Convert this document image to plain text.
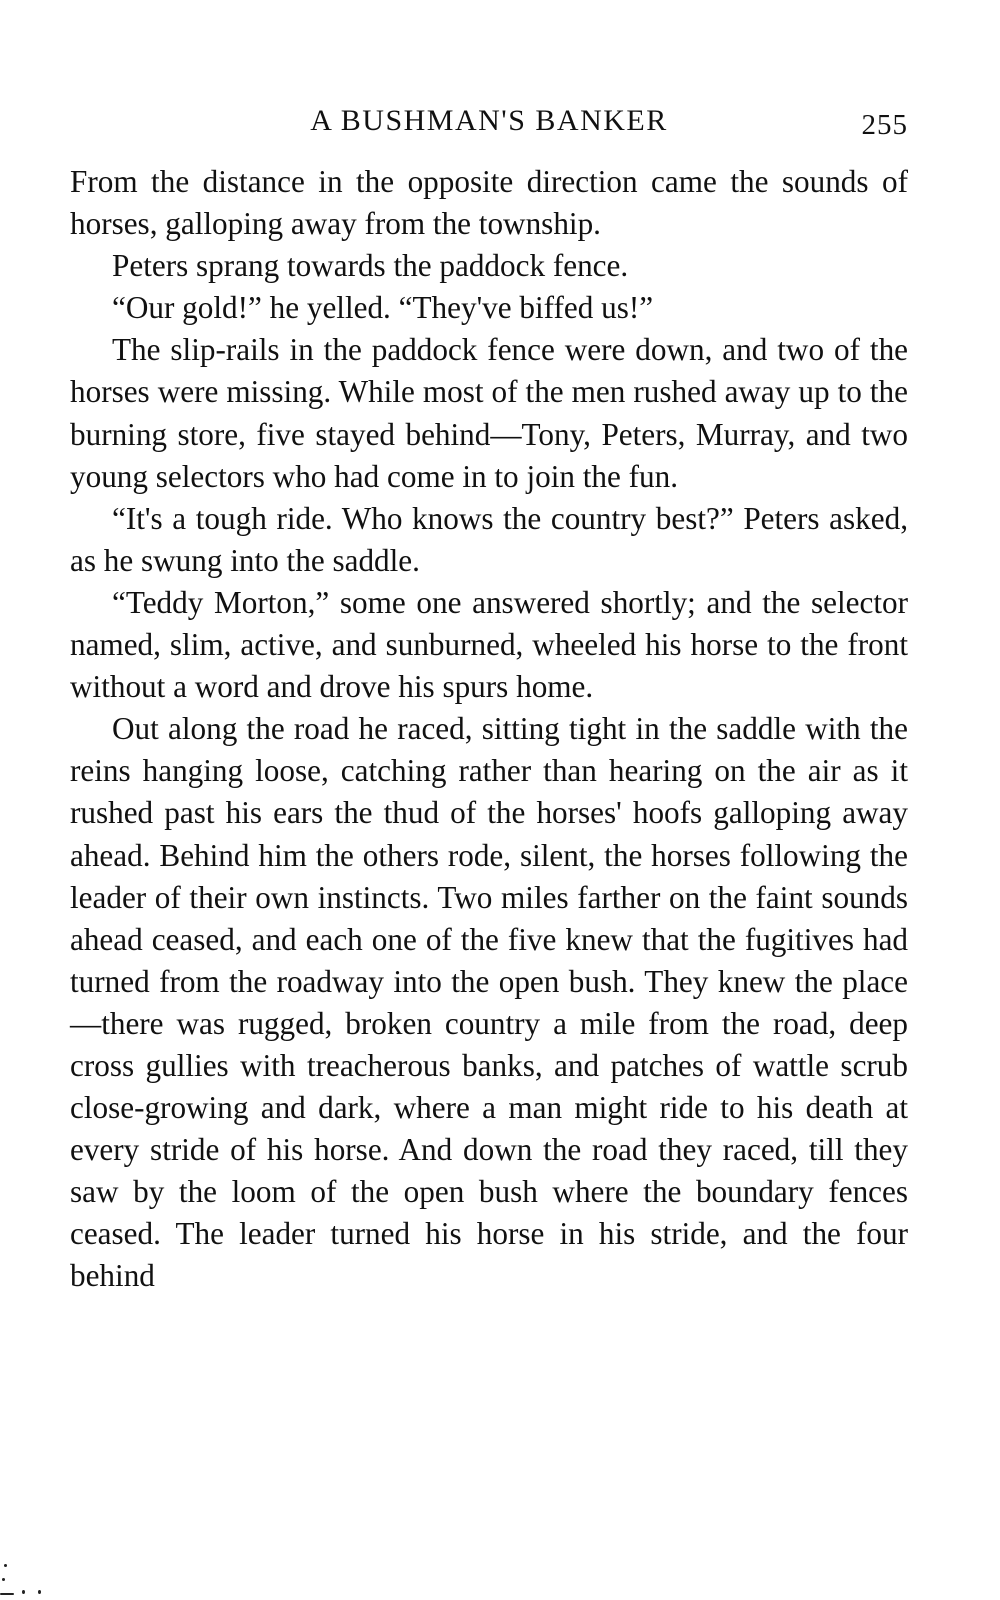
A BUSHMAN'S BANKER	255

From the distance in the opposite direction came the sounds of horses, galloping away from the township.

Peters sprang towards the paddock fence.

“Our gold!” he yelled. “They've biffed us!”

The slip-rails in the paddock fence were down, and two of the horses were missing. While most of the men rushed away up to the burning store, five stayed behind—Tony, Peters, Murray, and two young selectors who had come in to join the fun.

“It's a tough ride. Who knows the country best?” Peters asked, as he swung into the saddle.

“Teddy Morton,” some one answered shortly; and the selector named, slim, active, and sunburned, wheeled his horse to the front without a word and drove his spurs home.

Out along the road he raced, sitting tight in the saddle with the reins hanging loose, catching rather than hearing on the air as it rushed past his ears the thud of the horses' hoofs galloping away ahead. Behind him the others rode, silent, the horses following the leader of their own instincts. Two miles farther on the faint sounds ahead ceased, and each one of the five knew that the fugitives had turned from the roadway into the open bush. They knew the place—there was rugged, broken country a mile from the road, deep cross gullies with treacherous banks, and patches of wattle scrub close-growing and dark, where a man might ride to his death at every stride of his horse. And down the road they raced, till they saw by the loom of the open bush where the boundary fences ceased. The leader turned his horse in his stride, and the four behind
